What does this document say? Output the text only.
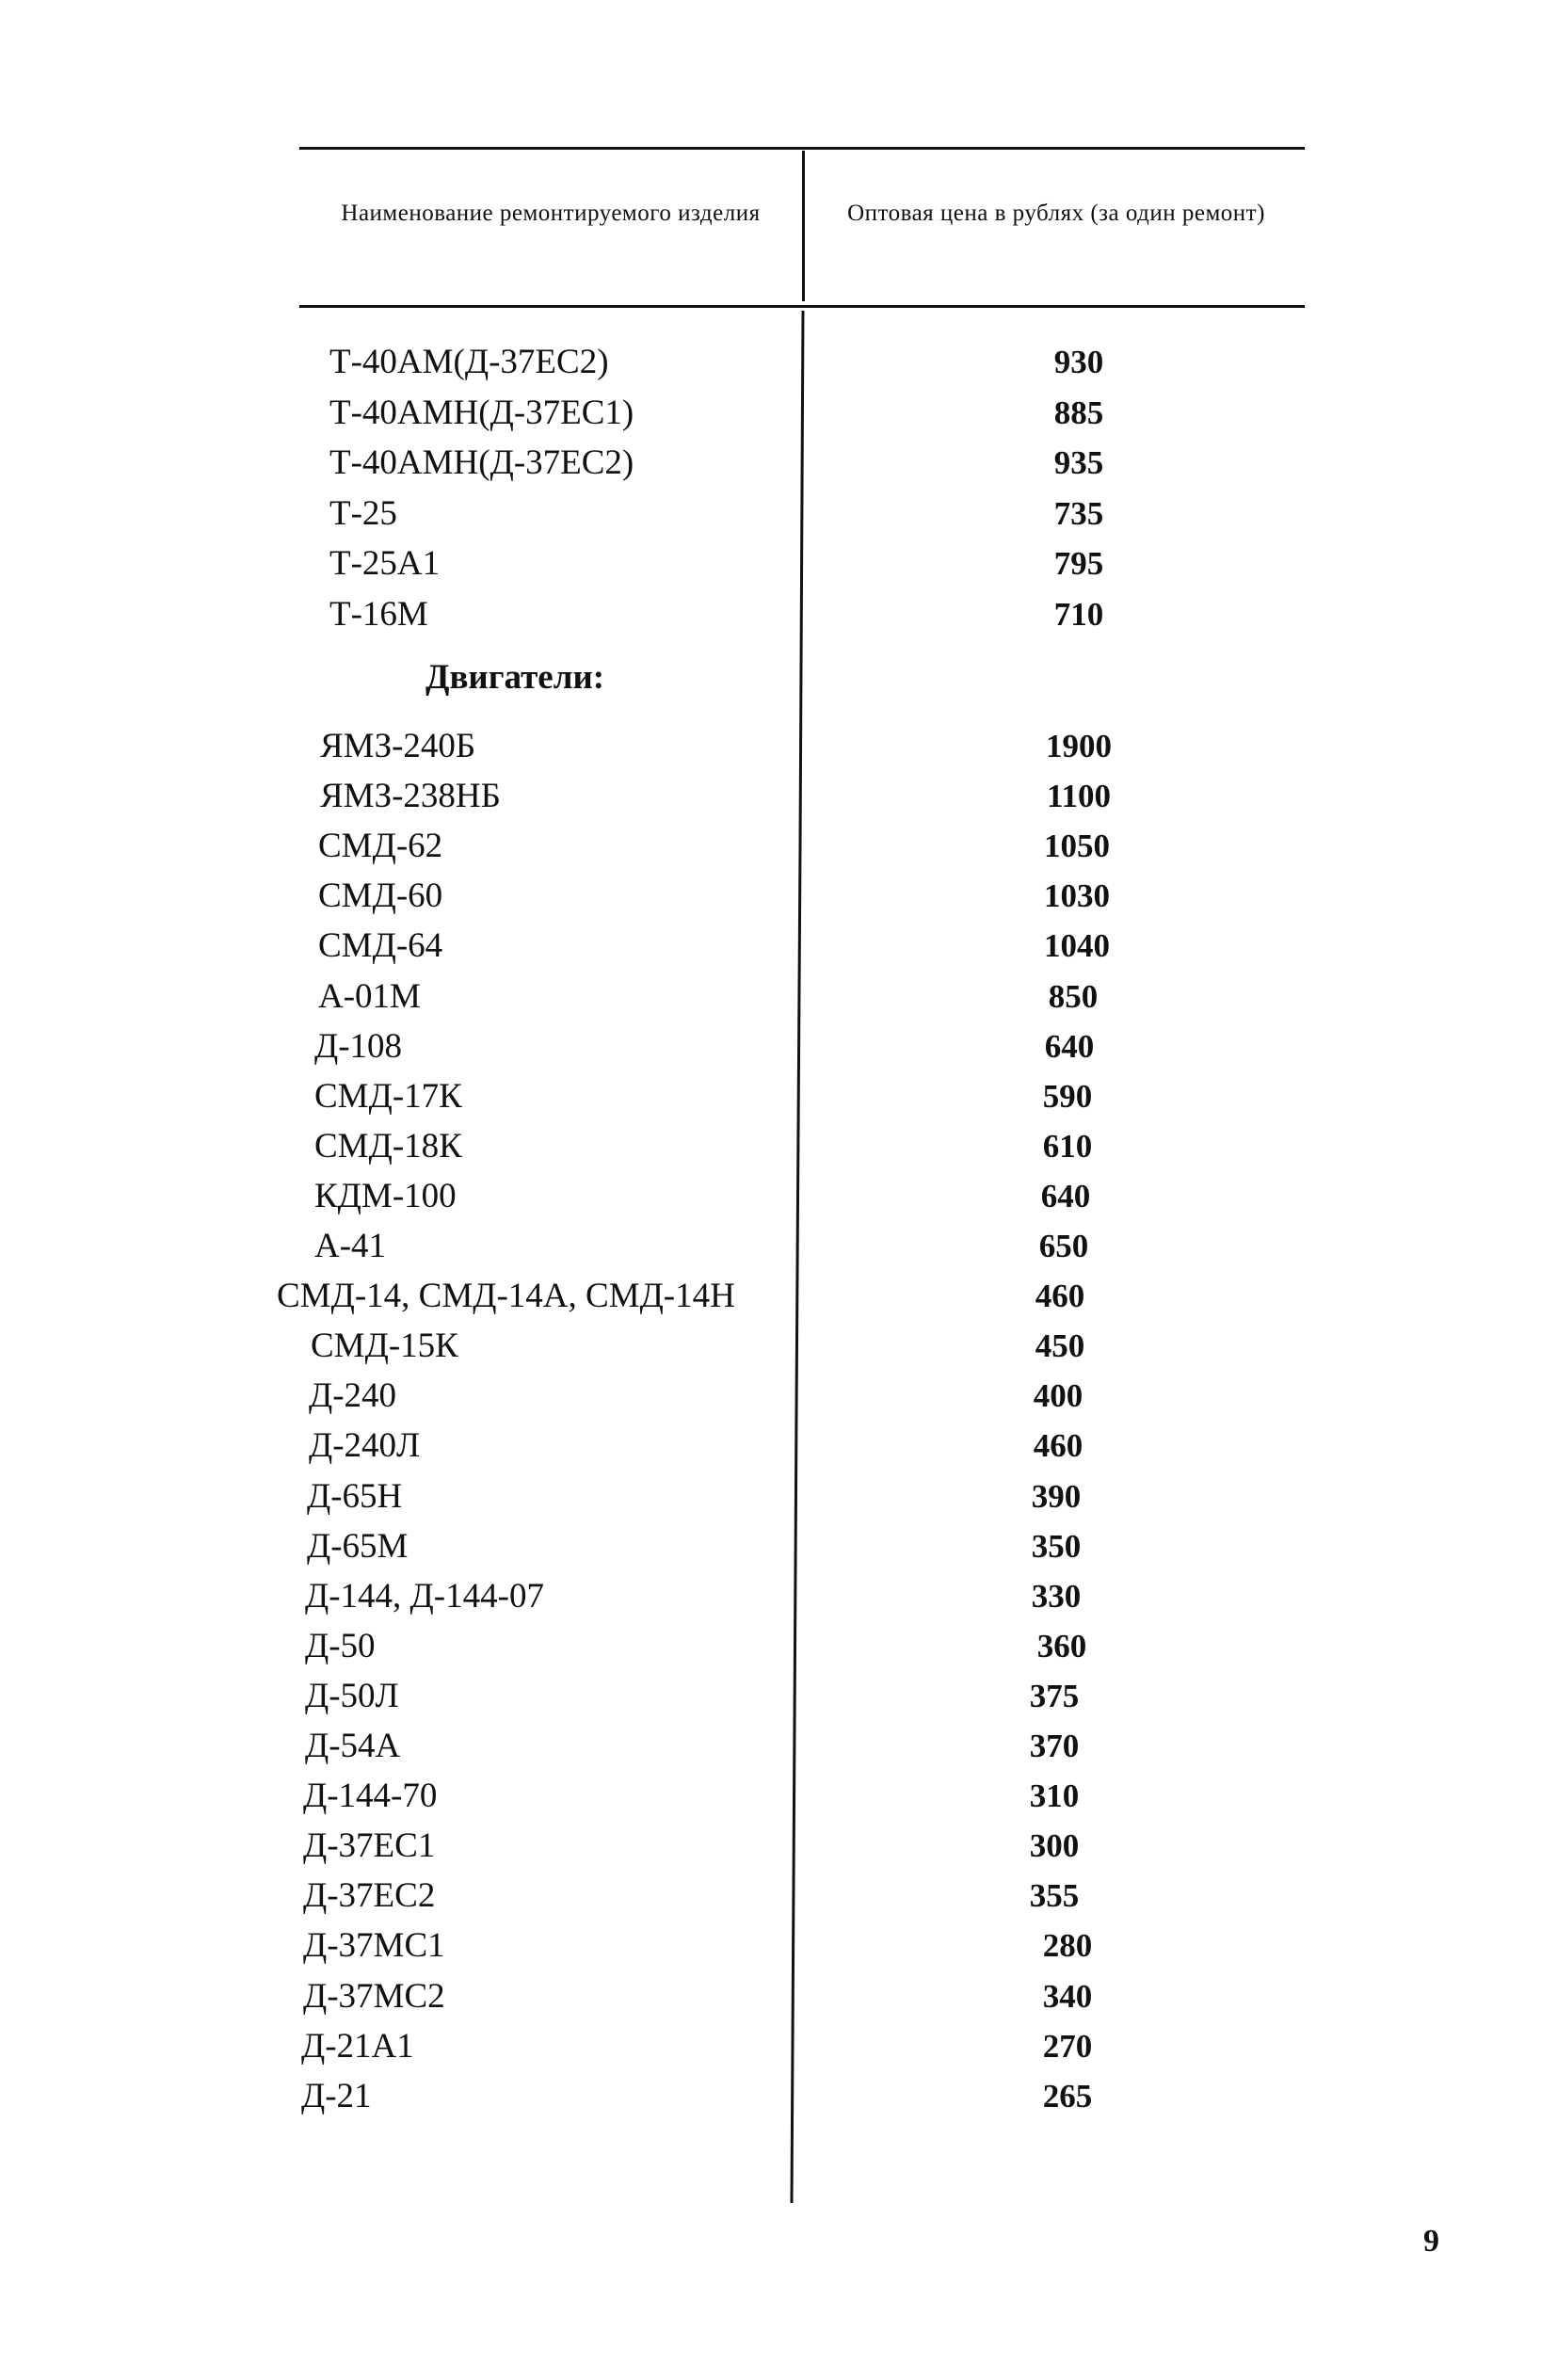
Наименование ремонтируемого изделия	Оптовая цена в рублях (за один ремонт)
Т-40АМ(Д-37ЕС2)	930
Т-40АМН(Д-37ЕС1)	885
Т-40АМН(Д-37ЕС2)	935
Т-25	735
Т-25А1	795
Т-16М	710
Двигатели:
ЯМЗ-240Б	1900
ЯМЗ-238НБ	1100
СМД-62	1050
СМД-60	1030
СМД-64	1040
А-01М	850
Д-108	640
СМД-17К	590
СМД-18К	610
КДМ-100	640
А-41	650
СМД-14, СМД-14А, СМД-14Н	460
СМД-15К	450
Д-240	400
Д-240Л	460
Д-65Н	390
Д-65М	350
Д-144, Д-144-07	330
Д-50	360
Д-50Л	375
Д-54А	370
Д-144-70	310
Д-37ЕС1	300
Д-37ЕС2	355
Д-37МС1	280
Д-37МС2	340
Д-21А1	270
Д-21	265
9
